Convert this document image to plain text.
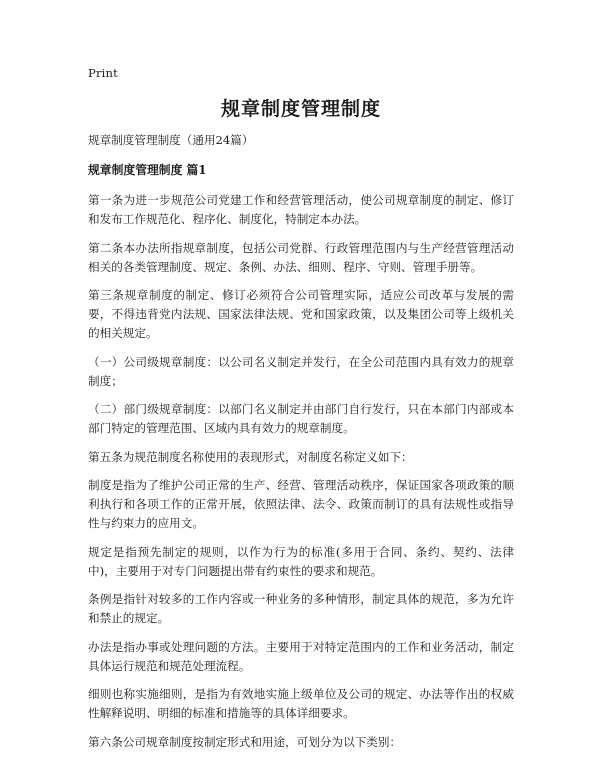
Print
规章制度管理制度
规章制度管理制度（通用24篇）
规章制度管理制度 篇1

第一条为进一步规范公司党建工作和经营管理活动，使公司规章制度的制定、修订和发布工作规范化、程序化、制度化，特制定本办法。

第二条本办法所指规章制度，包括公司党群、行政管理范围内与生产经营管理活动相关的各类管理制度、规定、条例、办法、细则、程序、守则、管理手册等。

第三条规章制度的制定、修订必须符合公司管理实际，适应公司改革与发展的需要，不得违背党内法规、国家法律法规、党和国家政策，以及集团公司等上级机关的相关规定。

（一）公司级规章制度：以公司名义制定并发行，在全公司范围内具有效力的规章制度；

（二）部门级规章制度：以部门名义制定并由部门自行发行，只在本部门内部或本部门特定的管理范围、区域内具有效力的规章制度。

第五条为规范制度名称使用的表现形式，对制度名称定义如下：

制度是指为了维护公司正常的生产、经营、管理活动秩序，保证国家各项政策的顺利执行和各项工作的正常开展，依照法律、法令、政策而制订的具有法规性或指导性与约束力的应用文。

规定是指预先制定的规则，以作为行为的标准(多用于合同、条约、契约、法律中)，主要用于对专门问题提出带有约束性的要求和规范。

条例是指针对较多的工作内容或一种业务的多种情形，制定具体的规范，多为允许和禁止的规定。

办法是指办事或处理问题的方法。主要用于对特定范围内的工作和业务活动，制定具体运行规范和规范处理流程。

细则也称实施细则，是指为有效地实施上级单位及公司的规定、办法等作出的权威性解释说明、明细的标准和措施等的具体详细要求。

第六条公司规章制度按制定形式和用途，可划分为以下类别：
